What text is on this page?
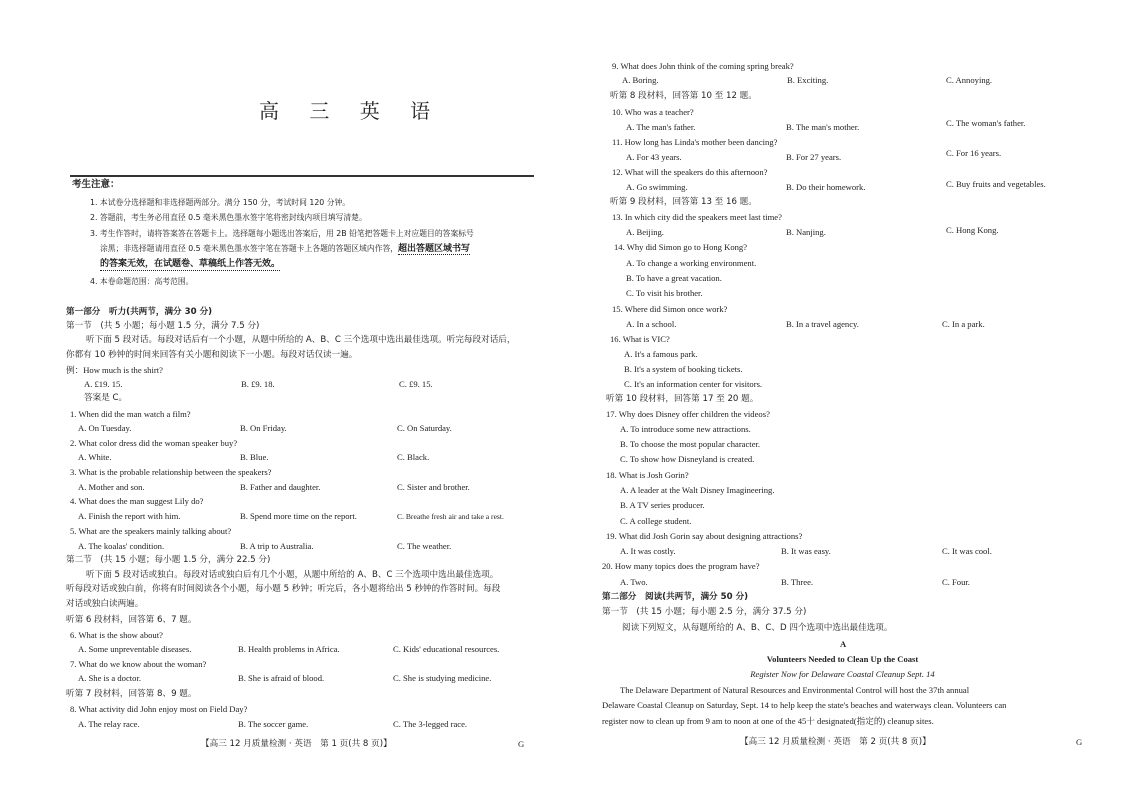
高 三 英 语
考生注意：
1. 本试卷分选择题和非选择题两部分。满分 150 分，考试时间 120 分钟。
2. 答题前，考生务必用直径 0.5 毫米黑色墨水签字笔将密封线内项目填写清楚。
3. 考生作答时，请将答案答在答题卡上。选择题每小题选出答案后，用 2B 铅笔把答题卡上对应题目的答案标号
涂黑；非选择题请用直径 0.5 毫米黑色墨水签字笔在答题卡上各题的答题区域内作答，超出答题区域书写
的答案无效，在试题卷、草稿纸上作答无效。
4. 本卷命题范围：高考范围。
第一部分　听力(共两节，满分 30 分)
第一节　(共 5 小题；每小题 1.5 分，满分 7.5 分)
听下面 5 段对话。每段对话后有一个小题，从题中所给的 A、B、C 三个选项中选出最佳选项。听完每段对话后，
你都有 10 秒钟的时间来回答有关小题和阅读下一小题。每段对话仅读一遍。
例：How much is the shirt?
A. £19. 15.	B. £9. 18.	C. £9. 15.
答案是 C。
1. When did the man watch a film?
A. On Tuesday.	B. On Friday.	C. On Saturday.
2. What color dress did the woman speaker buy?
A. White.	B. Blue.	C. Black.
3. What is the probable relationship between the speakers?
A. Mother and son.	B. Father and daughter.	C. Sister and brother.
4. What does the man suggest Lily do?
A. Finish the report with him.	B. Spend more time on the report.	C. Breathe fresh air and take a rest.
5. What are the speakers mainly talking about?
A. The koalas' condition.	B. A trip to Australia.	C. The weather.
第二节　(共 15 小题；每小题 1.5 分，满分 22.5 分)
听下面 5 段对话或独白。每段对话或独白后有几个小题，从题中所给的 A、B、C 三个选项中选出最佳选项。
听每段对话或独白前，你将有时间阅读各个小题，每小题 5 秒钟；听完后，各小题将给出 5 秒钟的作答时间。每段
对话或独白读两遍。
听第 6 段材料，回答第 6、7 题。
6. What is the show about?
A. Some unpreventable diseases.	B. Health problems in Africa.	C. Kids' educational resources.
7. What do we know about the woman?
A. She is a doctor.	B. She is afraid of blood.	C. She is studying medicine.
听第 7 段材料，回答第 8、9 题。
8. What activity did John enjoy most on Field Day?
A. The relay race.	B. The soccer game.	C. The 3-legged race.
【高三 12 月质量检测 · 英语　第 1 页(共 8 页)】	G
9. What does John think of the coming spring break?
A. Boring.	B. Exciting.	C. Annoying.
听第 8 段材料，回答第 10 至 12 题。
10. Who was a teacher?
A. The man's father.	B. The man's mother.	C. The woman's father.
11. How long has Linda's mother been dancing?
A. For 43 years.	B. For 27 years.	C. For 16 years.
12. What will the speakers do this afternoon?
A. Go swimming.	B. Do their homework.	C. Buy fruits and vegetables.
听第 9 段材料，回答第 13 至 16 题。
13. In which city did the speakers meet last time?
A. Beijing.	B. Nanjing.	C. Hong Kong.
14. Why did Simon go to Hong Kong?
A. To change a working environment.
B. To have a great vacation.
C. To visit his brother.
15. Where did Simon once work?
A. In a school.	B. In a travel agency.	C. In a park.
16. What is VIC?
A. It's a famous park.
B. It's a system of booking tickets.
C. It's an information center for visitors.
听第 10 段材料，回答第 17 至 20 题。
17. Why does Disney offer children the videos?
A. To introduce some new attractions.
B. To choose the most popular character.
C. To show how Disneyland is created.
18. What is Josh Gorin?
A. A leader at the Walt Disney Imagineering.
B. A TV series producer.
C. A college student.
19. What did Josh Gorin say about designing attractions?
A. It was costly.	B. It was easy.	C. It was cool.
20. How many topics does the program have?
A. Two.	B. Three.	C. Four.
第二部分　阅读(共两节，满分 50 分)
第一节　(共 15 小题；每小题 2.5 分，满分 37.5 分)
阅读下列短文，从每题所给的 A、B、C、D 四个选项中选出最佳选项。
A
Volunteers Needed to Clean Up the Coast
Register Now for Delaware Coastal Cleanup Sept. 14
The Delaware Department of Natural Resources and Environmental Control will host the 37th annual
Delaware Coastal Cleanup on Saturday, Sept. 14 to help keep the state's beaches and waterways clean. Volunteers can
register now to clean up from 9 am to noon at one of the 45十 designated(指定的) cleanup sites.
【高三 12 月质量检测 · 英语　第 2 页(共 8 页)】	G
